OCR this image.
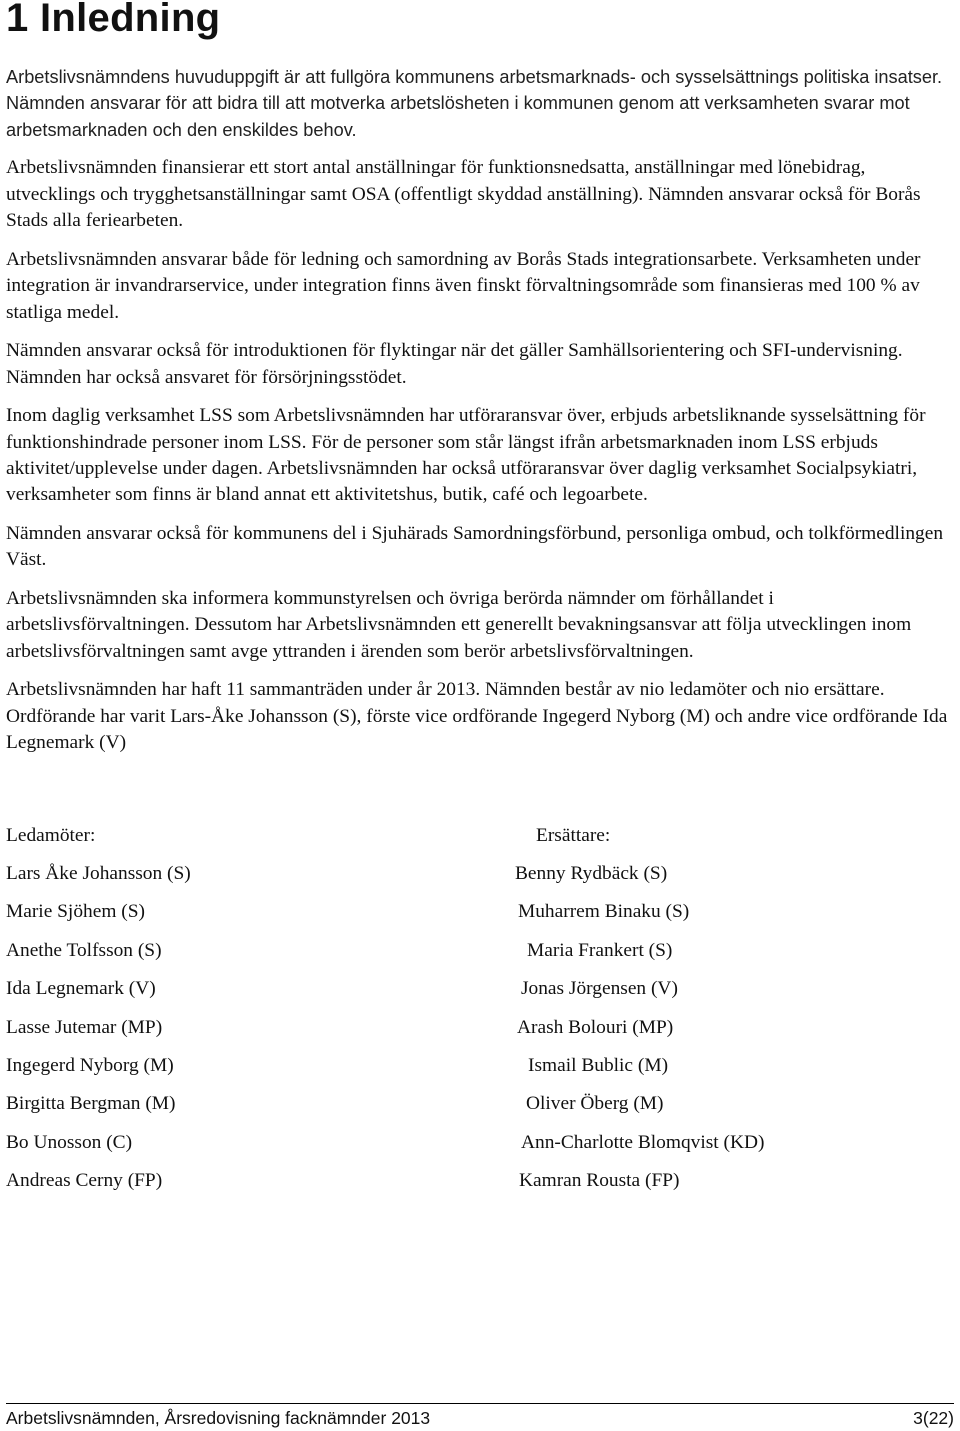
1 Inledning

Arbetslivsnämndens huvuduppgift är att fullgöra kommunens arbetsmarknads- och sysselsättnings politiska insatser. Nämnden ansvarar för att bidra till att motverka arbetslösheten i kommunen genom att verksamheten svarar mot arbetsmarknaden och den enskildes behov.

Arbetslivsnämnden finansierar ett stort antal anställningar för funktionsnedsatta, anställningar med lönebidrag, utvecklings och trygghetsanställningar samt OSA (offentligt skyddad anställning). Nämnden ansvarar också för Borås Stads alla feriearbeten.

Arbetslivsnämnden ansvarar både för ledning och samordning av Borås Stads integrationsarbete. Verksamheten under integration är invandrarservice, under integration finns även finskt förvaltningsområde som finansieras med 100 % av statliga medel.

Nämnden ansvarar också för introduktionen för flyktingar när det gäller Samhällsorientering och SFI-undervisning. Nämnden har också ansvaret för försörjningsstödet.

Inom daglig verksamhet LSS som Arbetslivsnämnden har utföraransvar över, erbjuds arbetsliknande sysselsättning för funktionshindrade personer inom LSS. För de personer som står längst ifrån arbetsmarknaden inom LSS erbjuds aktivitet/upplevelse under dagen. Arbetslivsnämnden har också utföraransvar över daglig verksamhet Socialpsykiatri, verksamheter som finns är bland annat ett aktivitetshus, butik, café och legoarbete.

Nämnden ansvarar också för kommunens del i Sjuhärads Samordningsförbund, personliga ombud, och tolkförmedlingen Väst.

Arbetslivsnämnden ska informera kommunstyrelsen och övriga berörda nämnder om förhållandet i arbetslivsförvaltningen. Dessutom har Arbetslivsnämnden ett generellt bevakningsansvar att följa utvecklingen inom arbetslivsförvaltningen samt avge yttranden i ärenden som berör arbetslivsförvaltningen.

Arbetslivsnämnden har haft 11 sammanträden under år 2013. Nämnden består av nio ledamöter och nio ersättare. Ordförande har varit Lars-Åke Johansson (S), förste vice ordförande Ingegerd Nyborg (M) och andre vice ordförande Ida Legnemark (V)

Ledamöter:	Ersättare:
Lars Åke Johansson (S)
Marie Sjöhem (S)
Anethe Tolfsson (S)
Ida Legnemark (V)
Lasse Jutemar (MP)
Ingegerd Nyborg (M)
Birgitta Bergman (M)
Bo Unosson (C)
Andreas Cerny (FP)
Benny Rydbäck (S)
Muharrem Binaku (S)
Maria Frankert (S)
Jonas Jörgensen (V)
Arash Bolouri (MP)
Ismail Bublic (M)
Oliver Öberg (M)
Ann-Charlotte Blomqvist (KD)
Kamran Rousta (FP)
Arbetslivsnämnden, Årsredovisning facknämnder 2013	3(22)
